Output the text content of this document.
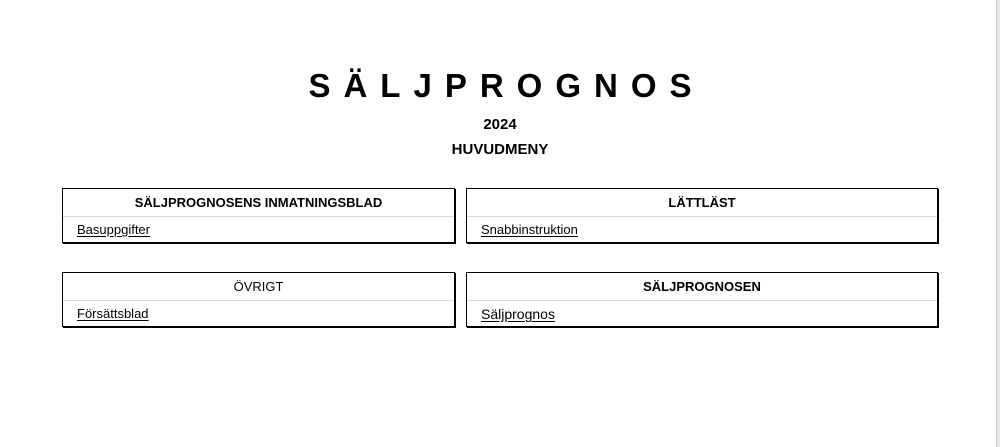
SÄLJPROGNOS
2024
HUVUDMENY
SÄLJPROGNOSENS INMATNINGSBLAD
Basuppgifter
LÄTTLÄST
Snabbinstruktion
ÖVRIGT
Försättsblad
SÄLJPROGNOSEN
Säljprognos
